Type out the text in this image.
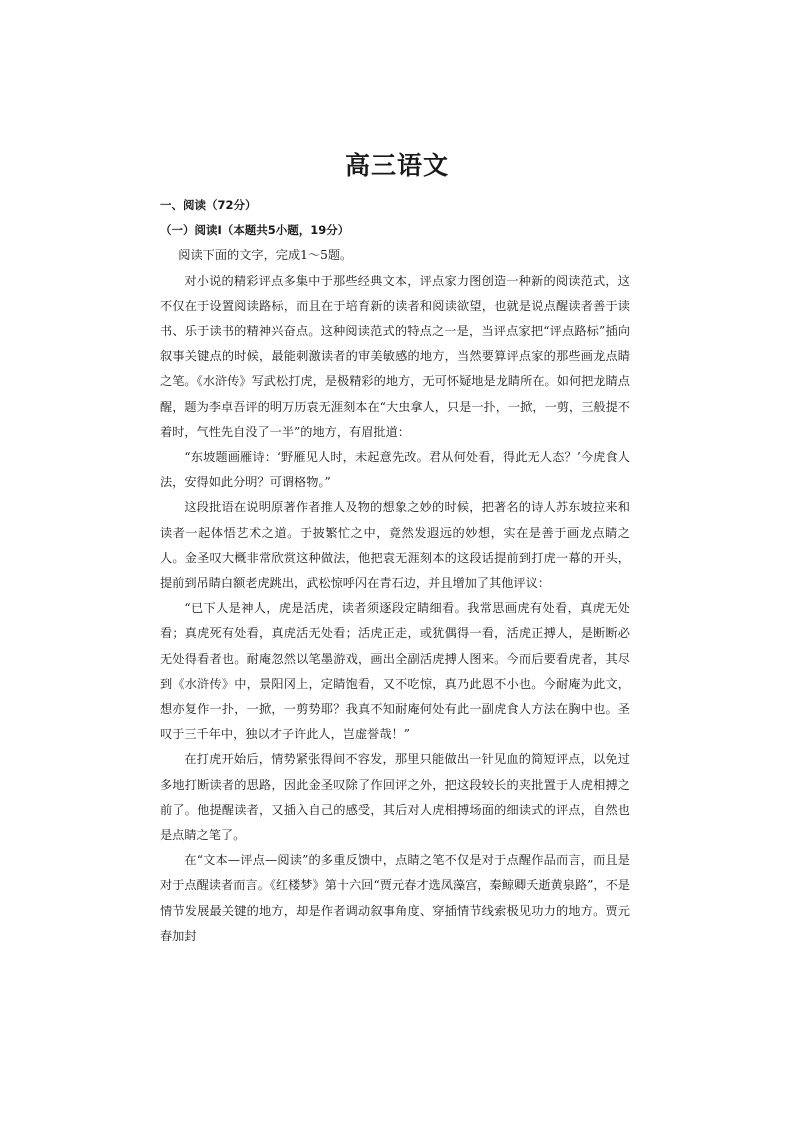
高三语文
一、阅读（72分）
（一）阅读Ⅰ（本题共5小题，19分）
阅读下面的文字，完成1～5题。
对小说的精彩评点多集中于那些经典文本，评点家力图创造一种新的阅读范式，这不仅在于设置阅读路标，而且在于培育新的读者和阅读欲望，也就是说点醒读者善于读书、乐于读书的精神兴奋点。这种阅读范式的特点之一是，当评点家把“评点路标”插向叙事关键点的时候，最能刺激读者的审美敏感的地方，当然要算评点家的那些画龙点睛之笔。《水浒传》写武松打虎，是极精彩的地方，无可怀疑地是龙睛所在。如何把龙睛点醒，题为李卓吾评的明万历袁无涯刻本在“大虫拿人，只是一扑，一掀，一剪，三般提不着时，气性先自没了一半”的地方，有眉批道：
“东坡题画雁诗：‘野雁见人时，未起意先改。君从何处看，得此无人态？’今虎食人法，安得如此分明？可谓格物。”
这段批语在说明原著作者推人及物的想象之妙的时候，把著名的诗人苏东坡拉来和读者一起体悟艺术之道。于披繁忙之中，竟然发遐远的妙想，实在是善于画龙点睛之人。金圣叹大概非常欣赏这种做法，他把袁无涯刻本的这段话提前到打虎一幕的开头，提前到吊睛白额老虎跳出，武松惊呼闪在青石边，并且增加了其他评议：
“已下人是神人，虎是活虎，读者须逐段定睛细看。我常思画虎有处看，真虎无处看；真虎死有处看，真虎活无处看；活虎正走，或犹偶得一看，活虎正搏人，是断断必无处得看者也。耐庵忽然以笔墨游戏，画出全副活虎搏人图来。今而后要看虎者，其尽到《水浒传》中，景阳冈上，定睛饱看，又不吃惊，真乃此恩不小也。今耐庵为此文，想亦复作一扑，一掀，一剪势耶？我真不知耐庵何处有此一副虎食人方法在胸中也。圣叹于三千年中，独以才子许此人，岂虚誉哉！”
在打虎开始后，情势紧张得间不容发，那里只能做出一针见血的简短评点，以免过多地打断读者的思路，因此金圣叹除了作回评之外，把这段较长的夹批置于人虎相搏之前了。他提醒读者，又插入自己的感受，其后对人虎相搏场面的细读式的评点，自然也是点睛之笔了。
在“文本—评点—阅读”的多重反馈中，点睛之笔不仅是对于点醒作品而言，而且是对于点醒读者而言。《红楼梦》第十六回“贾元春才选凤藻宫，秦鲸卿夭逝黄泉路”，不是情节发展最关键的地方，却是作者调动叙事角度、穿插情节线索极见功力的地方。贾元春加封
